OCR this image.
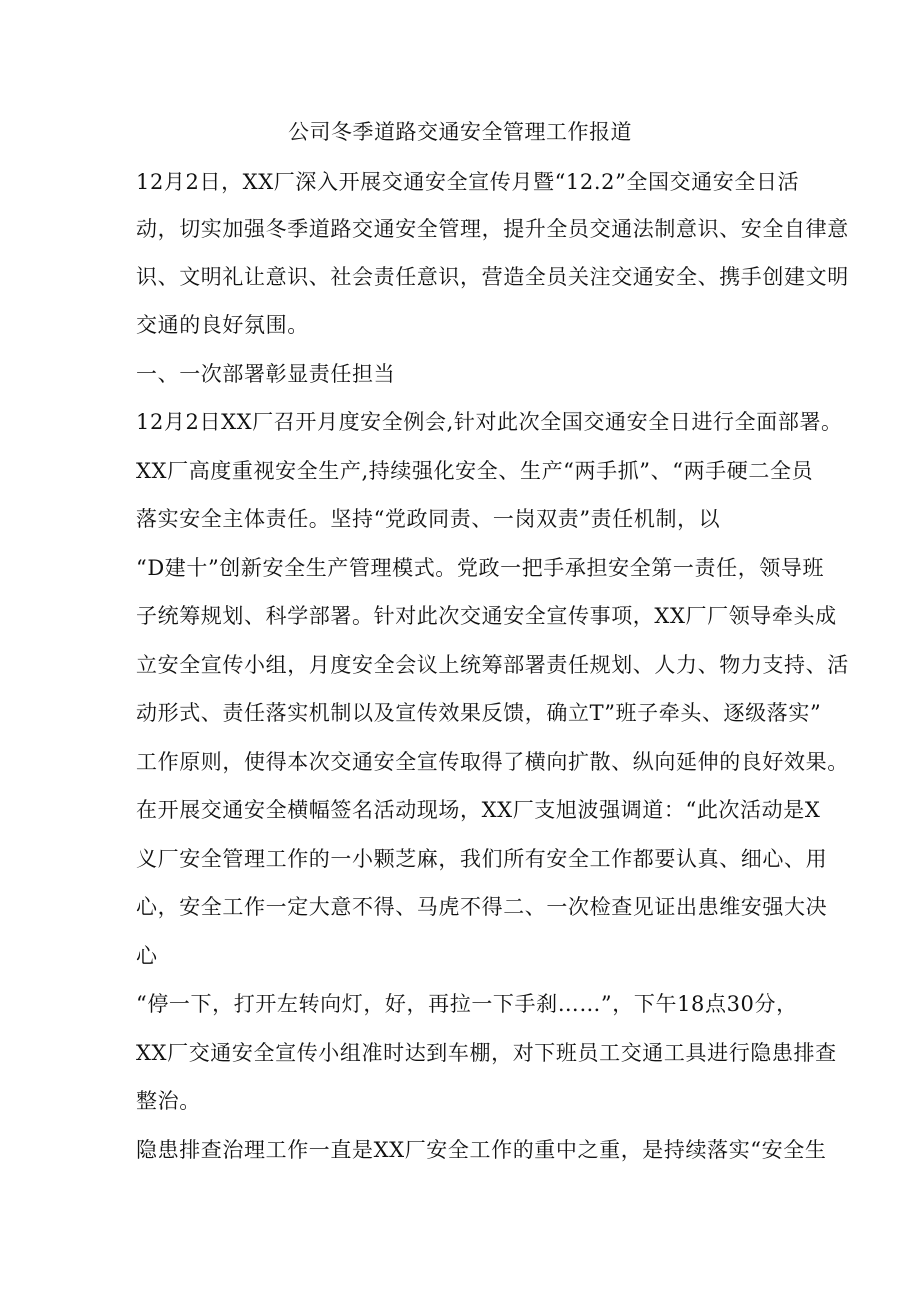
公司冬季道路交通安全管理工作报道
12月2日，XX厂深入开展交通安全宣传月暨“12.2”全国交通安全日活
动，切实加强冬季道路交通安全管理，提升全员交通法制意识、安全自律意
识、文明礼让意识、社会责任意识，营造全员关注交通安全、携手创建文明
交通的良好氛围。
一、一次部署彰显责任担当
12月2日XX厂召开月度安全例会,针对此次全国交通安全日进行全面部署。
XX厂高度重视安全生产,持续强化安全、生产“两手抓”、“两手硬二全员
落实安全主体责任。坚持“党政同责、一岗双责”责任机制，以
“D建十”创新安全生产管理模式。党政一把手承担安全第一责任，领导班
子统筹规划、科学部署。针对此次交通安全宣传事项，XX厂厂领导牵头成
立安全宣传小组，月度安全会议上统筹部署责任规划、人力、物力支持、活
动形式、责任落实机制以及宣传效果反馈，确立T”班子牵头、逐级落实”
工作原则，使得本次交通安全宣传取得了横向扩散、纵向延伸的良好效果。
在开展交通安全横幅签名活动现场，XX厂支旭波强调道：“此次活动是X
义厂安全管理工作的一小颗芝麻，我们所有安全工作都要认真、细心、用
心，安全工作一定大意不得、马虎不得二、一次检查见证出患维安强大决
心
“停一下，打开左转向灯，好，再拉一下手刹……”，下午18点30分，
XX厂交通安全宣传小组准时达到车棚，对下班员工交通工具进行隐患排查
整治。
隐患排查治理工作一直是XX厂安全工作的重中之重，是持续落实“安全生
